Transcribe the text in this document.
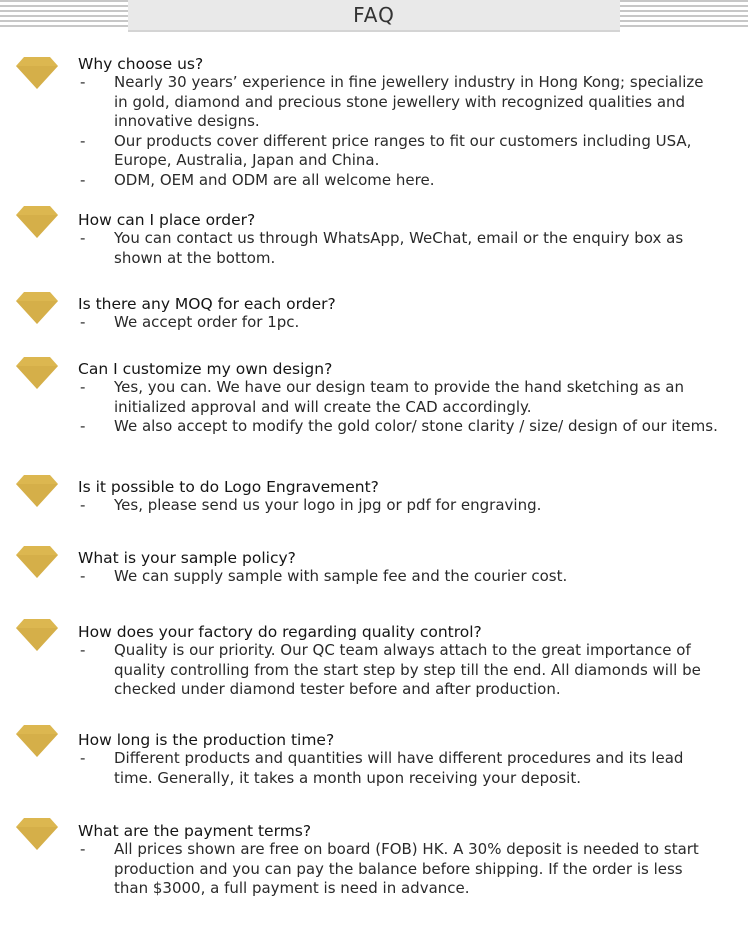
FAQ
Why choose us?
- Nearly 30 years’ experience in fine jewellery industry in Hong Kong; specialize in gold, diamond and precious stone jewellery with recognized qualities and innovative designs.
- Our products cover different price ranges to fit our customers including USA, Europe, Australia, Japan and China.
- ODM, OEM and ODM are all welcome here.
How can I place order?
- You can contact us through WhatsApp, WeChat, email or the enquiry box as shown at the bottom.
Is there any MOQ for each order?
- We accept order for 1pc.
Can I customize my own design?
- Yes, you can. We have our design team to provide the hand sketching as an initialized approval and will create the CAD accordingly.
- We also accept to modify the gold color/ stone clarity / size/ design of our items.
Is it possible to do Logo Engravement?
- Yes, please send us your logo in jpg or pdf for engraving.
What is your sample policy?
- We can supply sample with sample fee and the courier cost.
How does your factory do regarding quality control?
- Quality is our priority. Our QC team always attach to the great importance of quality controlling from the start step by step till the end. All diamonds will be checked under diamond tester before and after production.
How long is the production time?
- Different products and quantities will have different procedures and its lead time. Generally, it takes a month upon receiving your deposit.
What are the payment terms?
- All prices shown are free on board (FOB) HK. A 30% deposit is needed to start production and you can pay the balance before shipping. If the order is less than $3000, a full payment is need in advance.
